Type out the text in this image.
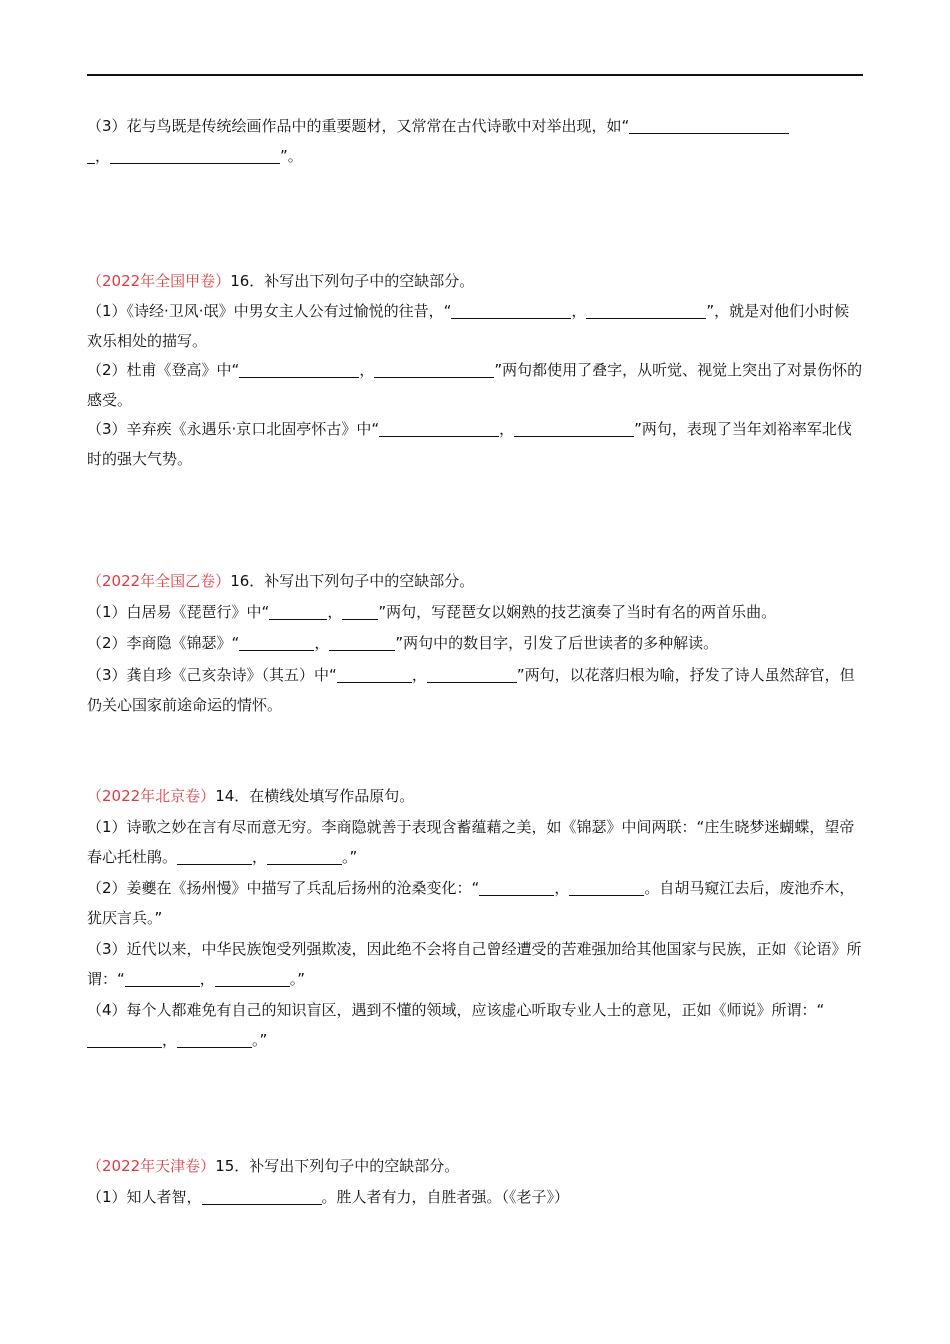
（3）花与鸟既是传统绘画作品中的重要题材，又常常在古代诗歌中对举出现，如“
，	”。

（2022年全国甲卷）16．补写出下列句子中的空缺部分。

（1）《诗经·卫风·氓》中男女主人公有过愉悦的往昔，“	，	”，就是对他们小时候欢乐相处的描写。

（2）杜甫《登高》中“	，	”两句都使用了叠字，从听觉、视觉上突出了对景伤怀的感受。

（3）辛弃疾《永遇乐·京口北固亭怀古》中“	，	”两句，表现了当年刘裕率军北伐时的强大气势。

（2022年全国乙卷）16．补写出下列句子中的空缺部分。

（1）白居易《琵琶行》中“	， ”两句，写琵琶女以娴熟的技艺演奏了当时有名的两首乐曲。

（2）李商隐《锦瑟》“	，	”两句中的数目字，引发了后世读者的多种解读。

（3）龚自珍《己亥杂诗》（其五）中“	，	”两句，以花落归根为喻，抒发了诗人虽然辞官，但仍关心国家前途命运的情怀。

（2022年北京卷）14．在横线处填写作品原句。

（1）诗歌之妙在言有尽而意无穷。李商隐就善于表现含蓄蕴藉之美，如《锦瑟》中间两联：“庄生晓梦迷蝴蝶，望帝春心托杜鹃。	，	。”

（2）姜夔在《扬州慢》中描写了兵乱后扬州的沧桑变化：“	，	。自胡马窥江去后，废池乔木，犹厌言兵。”

（3）近代以来，中华民族饱受列强欺凌，因此绝不会将自己曾经遭受的苦难强加给其他国家与民族，正如《论语》所谓：“	，	。”

（4）每个人都难免有自己的知识盲区，遇到不懂的领域，应该虚心听取专业人士的意见，正如《师说》所谓：“，	。”

（2022年天津卷）15．补写出下列句子中的空缺部分。

（1）知人者智，	。胜人者有力，自胜者强。（《老子》）
